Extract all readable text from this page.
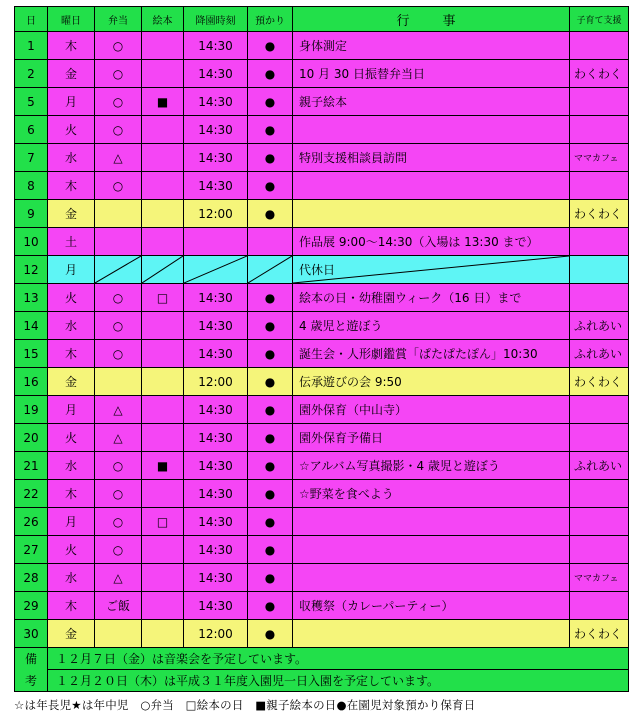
日	曜日	弁当	絵本	降園時刻	預かり	行　事	子育て支援
1	木	○		14:30	●	身体測定	
2	金	○		14:30	●	10 月 30 日振替弁当日	わくわく
5	月	○	■	14:30	●	親子絵本	
6	火	○		14:30	●		
7	水	△		14:30	●	特別支援相談員訪問	ママカフェ
8	木	○		14:30	●		
9	金			12:00	●		わくわく
10	土					作品展 9:00～14:30（入場は 13:30 まで）	
12	月					代休日	
13	火	○	□	14:30	●	絵本の日・幼稚園ウィーク（16 日）まで	
14	水	○		14:30	●	4 歳児と遊ぼう	ふれあい
15	木	○		14:30	●	誕生会・人形劇鑑賞「ぱたぱたぽん」10:30	ふれあい
16	金			12:00	●	伝承遊びの会 9:50	わくわく
19	月	△		14:30	●	園外保育（中山寺）	
20	火	△		14:30	●	園外保育予備日	
21	水	○	■	14:30	●	☆アルバム写真撮影・4 歳児と遊ぼう	ふれあい
22	木	○		14:30	●	☆野菜を食べよう	
26	月	○	□	14:30	●		
27	火	○		14:30	●		
28	水	△		14:30	●		ママカフェ
29	木	ご飯		14:30	●	収穫祭（カレーパーティー）	
30	金			12:00	●		わくわく
備	１２月７日（金）は音楽会を予定しています。						
考	１２月２０日（木）は平成３１年度入園児一日入園を予定しています。						
☆は年長児★は年中児　○弁当　□絵本の日　■親子絵本の日●在園児対象預かり保育日
